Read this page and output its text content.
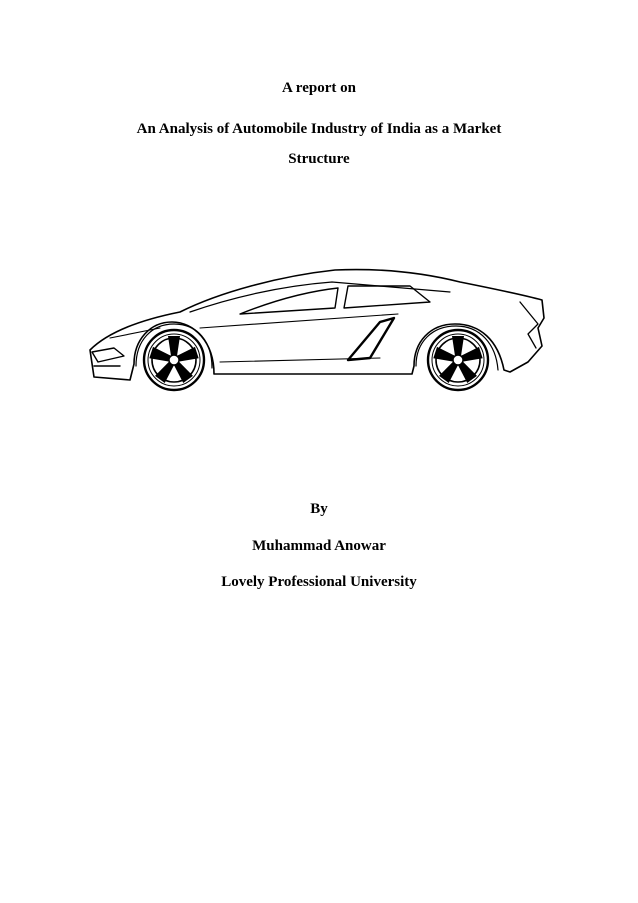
A report on
An Analysis of Automobile Industry of India as a Market
Structure
By
Muhammad Anowar
Lovely Professional University
